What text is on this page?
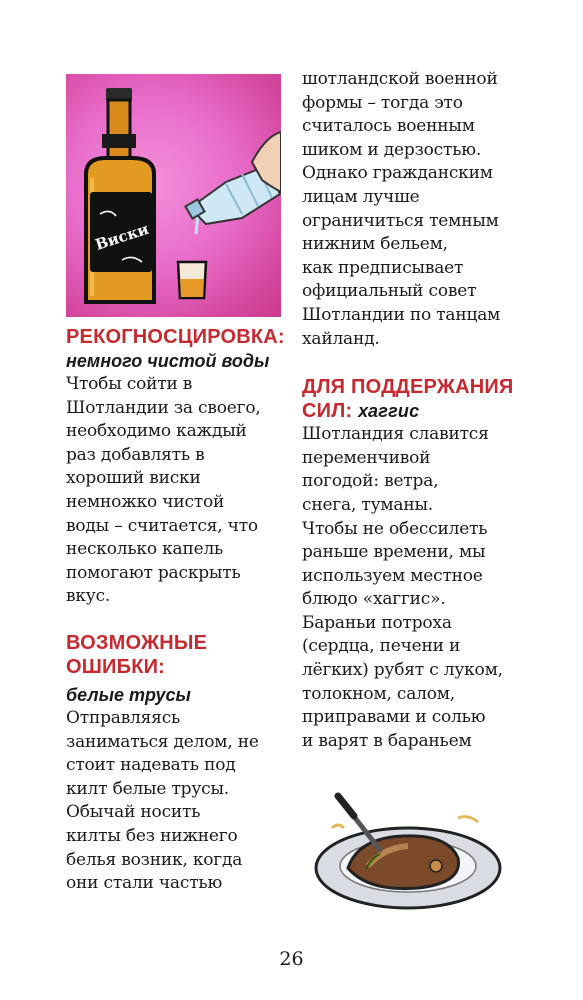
Виски
РЕКОГНОСЦИРОВКА:
немного чистой воды
Чтобы сойти в
Шотландии за своего,
необходимо каждый
раз добавлять в
хороший виски
немножко чистой
воды – считается, что
несколько капель
помогают раскрыть
вкус.
ВОЗМОЖНЫЕ ОШИБКИ:
белые трусы
Отправляясь
заниматься делом, не
стоит надевать под
килт белые трусы.
Обычай носить
килты без нижнего
белья возник, когда
они стали частью
шотландской военной
формы – тогда это
считалось военным
шиком и дерзостью.
Однако гражданским
лицам лучше
ограничиться темным
нижним бельем,
как предписывает
официальный совет
Шотландии по танцам
хайланд.
ДЛЯ ПОДДЕРЖАНИЯ
СИЛ: хаггис
Шотландия славится
переменчивой
погодой: ветра,
снега, туманы.
Чтобы не обессилеть
раньше времени, мы
используем местное
блюдо «хаггис».
Бараньи потроха
(сердца, печени и
лёгких) рубят с луком,
толокном, салом,
приправами и солью
и варят в бараньем
26
